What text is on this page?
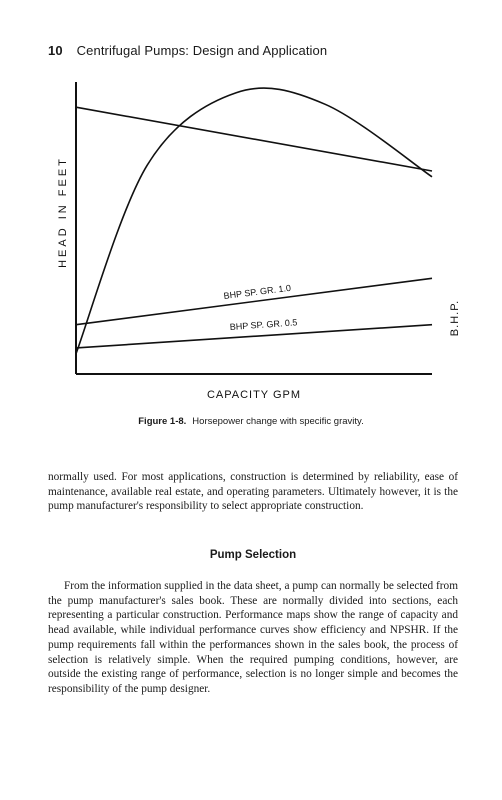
10 Centrifugal Pumps: Design and Application
BHP SP. GR. 1.0
BHP SP. GR. 0.5
CAPACITY GPM
HEAD IN FEET
B.H.P.
Figure 1-8. Horsepower change with specific gravity.
normally used. For most applications, construction is determined by reliability, ease of maintenance, available real estate, and operating parameters. Ultimately however, it is the pump manufacturer's responsibility to select appropriate construction.
Pump Selection
From the information supplied in the data sheet, a pump can normally be selected from the pump manufacturer's sales book. These are normally divided into sections, each representing a particular construction. Performance maps show the range of capacity and head available, while individual performance curves show efficiency and NPSHR. If the pump requirements fall within the performances shown in the sales book, the process of selection is relatively simple. When the required pumping conditions, however, are outside the existing range of performance, selection is no longer simple and becomes the responsibility of the pump designer.
